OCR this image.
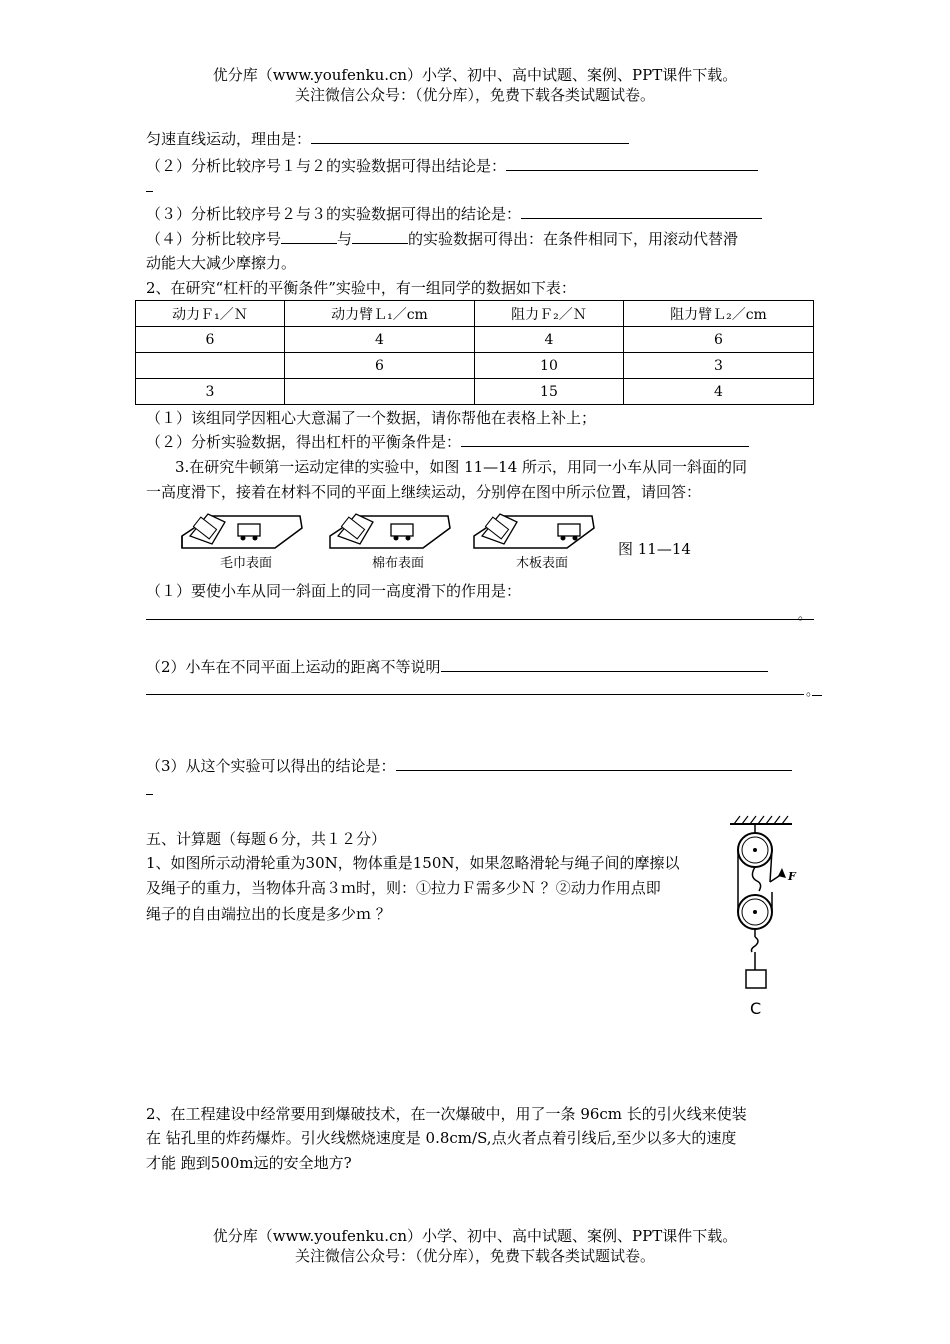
优分库（www.youfenku.cn）小学、初中、高中试题、案例、PPT课件下载。
关注微信公众号：（优分库），免费下载各类试题试卷。
匀速直线运动，理由是：
（２）分析比较序号１与２的实验数据可得出结论是：
（３）分析比较序号２与３的实验数据可得出的结论是：
（４）分析比较序号	与	的实验数据可得出：在条件相同下，用滚动代替滑
动能大大减少摩擦力。
2、在研究“杠杆的平衡条件”实验中，有一组同学的数据如下表：
动力Ｆ₁／Ｎ	动力臂Ｌ₁／cm	阻力Ｆ₂／Ｎ	阻力臂Ｌ₂／cm
6	4	4	6
	6	10	3
3		15	4
（１）该组同学因粗心大意漏了一个数据，请你帮他在表格上补上；
（２）分析实验数据，得出杠杆的平衡条件是：
3.在研究牛顿第一运动定律的实验中，如图 11—14 所示，用同一小车从同一斜面的同
一高度滑下，接着在材料不同的平面上继续运动，分别停在图中所示位置，请回答：
毛巾表面	棉布表面	木板表面
图 11—14
（１）要使小车从同一斜面上的同一高度滑下的作用是：
。
（2）小车在不同平面上运动的距离不等说明
。
（3）从这个实验可以得出的结论是：
五、计算题（每题６分，共１２分）
1、如图所示动滑轮重为30N，物体重是150N，如果忽略滑轮与绳子间的摩擦以
及绳子的重力，当物体升高３ｍ时，则：①拉力Ｆ需多少Ｎ ？②动力作用点即
绳子的自由端拉出的长度是多少ｍ ？
F
C
2、在工程建设中经常要用到爆破技术，在一次爆破中，用了一条 96cm 长的引火线来使装
在 钻孔里的炸药爆炸。引火线燃烧速度是 0.8cm/S,点火者点着引线后,至少以多大的速度
才能 跑到500m远的安全地方?
优分库（www.youfenku.cn）小学、初中、高中试题、案例、PPT课件下载。
关注微信公众号：（优分库），免费下载各类试题试卷。
